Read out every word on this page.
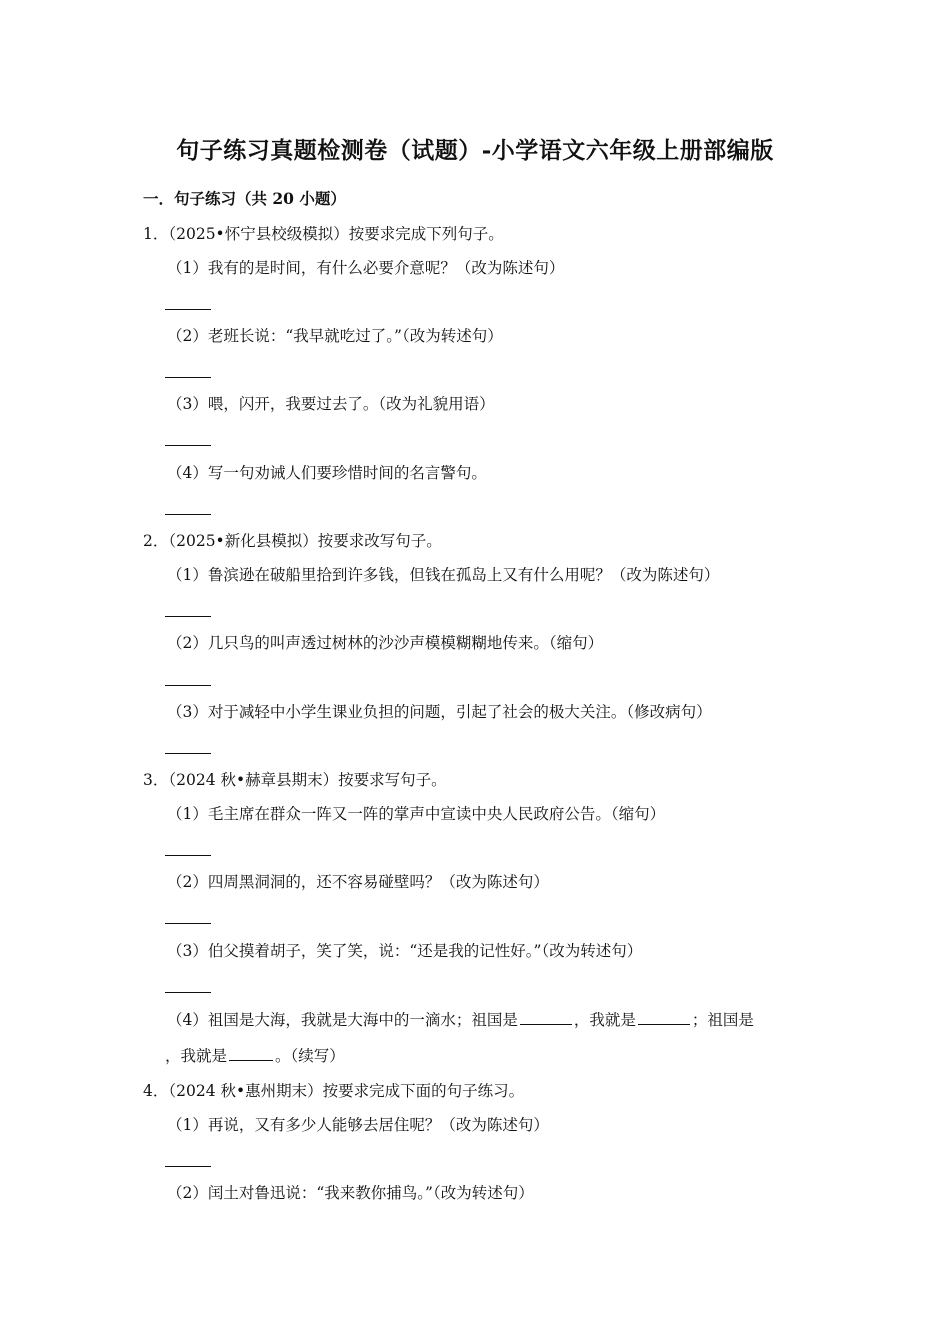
句子练习真题检测卷（试题）-小学语文六年级上册部编版
一．句子练习（共 20 小题）
1．（2025•怀宁县校级模拟）按要求完成下列句子。
（1）我有的是时间，有什么必要介意呢？（改为陈述句）
（2）老班长说：“我早就吃过了。”（改为转述句）
（3）喂，闪开，我要过去了。（改为礼貌用语）
（4）写一句劝诫人们要珍惜时间的名言警句。
2．（2025•新化县模拟）按要求改写句子。
（1）鲁滨逊在破船里拾到许多钱，但钱在孤岛上又有什么用呢？（改为陈述句）
（2）几只鸟的叫声透过树林的沙沙声模模糊糊地传来。（缩句）
（3）对于减轻中小学生课业负担的问题，引起了社会的极大关注。（修改病句）
3．（2024 秋•赫章县期末）按要求写句子。
（1）毛主席在群众一阵又一阵的掌声中宣读中央人民政府公告。（缩句）
（2）四周黑洞洞的，还不容易碰壁吗？（改为陈述句）
（3）伯父摸着胡子，笑了笑，说：“还是我的记性好。”（改为转述句）
（4）祖国是大海，我就是大海中的一滴水；祖国是	，我就是	；祖国是
，我就是	。（续写）
4．（2024 秋•惠州期末）按要求完成下面的句子练习。
（1）再说，又有多少人能够去居住呢？（改为陈述句）
（2）闰土对鲁迅说：“我来教你捕鸟。”（改为转述句）
